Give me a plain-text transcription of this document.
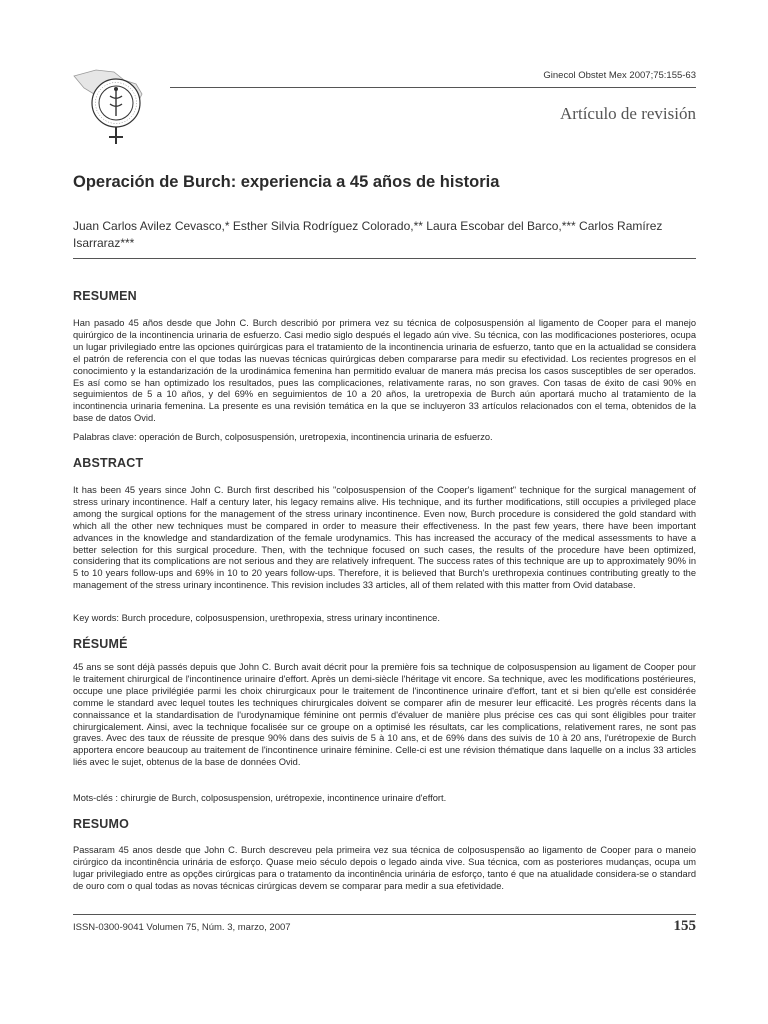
Ginecol Obstet Mex 2007;75:155-63
Artículo de revisión
Operación de Burch: experiencia a 45 años de historia

Juan Carlos Avilez Cevasco,* Esther Silvia Rodríguez Colorado,** Laura Escobar del Barco,*** Carlos Ramírez Isarraraz***

RESUMEN

Han pasado 45 años desde que John C. Burch describió por primera vez su técnica de colposuspensión al ligamento de Cooper para el manejo quirúrgico de la incontinencia urinaria de esfuerzo. Casi medio siglo después el legado aún vive. Su técnica, con las modificaciones posteriores, ocupa un lugar privilegiado entre las opciones quirúrgicas para el tratamiento de la incontinencia urinaria de esfuerzo, tanto que en la actualidad se considera el patrón de referencia con el que todas las nuevas técnicas quirúrgicas deben compararse para medir su efectividad. Los recientes progresos en el conocimiento y la estandarización de la urodinámica femenina han permitido evaluar de manera más precisa los casos susceptibles de ser operados. Es así como se han optimizado los resultados, pues las complicaciones, relativamente raras, no son graves. Con tasas de éxito de casi 90% en seguimientos de 5 a 10 años, y del 69% en seguimientos de 10 a 20 años, la uretropexia de Burch aún aportará mucho al tratamiento de la incontinencia urinaria femenina. La presente es una revisión temática en la que se incluyeron 33 artículos relacionados con el tema, obtenidos de la base de datos Ovid.

Palabras clave: operación de Burch, colposuspensión, uretropexia, incontinencia urinaria de esfuerzo.

ABSTRACT

It has been 45 years since John C. Burch first described his "colposuspension of the Cooper's ligament" technique for the surgical management of stress urinary incontinence. Half a century later, his legacy remains alive. His technique, and its further modifications, still occupies a privileged place among the surgical options for the management of the stress urinary incontinence. Even now, Burch procedure is considered the gold standard with which all the other new techniques must be compared in order to measure their effectiveness. In the past few years, there have been important advances in the knowledge and standardization of the female urodynamics. This has increased the accuracy of the medical assessments to have a better selection for this surgical procedure. Then, with the technique focused on such cases, the results of the procedure have been optimized, considering that its complications are not serious and they are relatively infrequent. The success rates of this technique are up to approximately 90% in 5 to 10 years follow-ups and 69% in 10 to 20 years follow-ups. Therefore, it is believed that Burch's urethropexia continues contributing greatly to the management of the stress urinary incontinence. This revision includes 33 articles, all of them related with this matter from Ovid database.

Key words: Burch procedure, colposuspension, urethropexia, stress urinary incontinence.

RÉSUMÉ

45 ans se sont déjà passés depuis que John C. Burch avait décrit pour la première fois sa technique de colposuspension au ligament de Cooper pour le traitement chirurgical de l'incontinence urinaire d'effort. Après un demi-siècle l'héritage vit encore. Sa technique, avec les modifications postérieures, occupe une place privilégiée parmi les choix chirurgicaux pour le traitement de l'incontinence urinaire d'effort, tant et si bien qu'elle est considérée comme le standard avec lequel toutes les techniques chirurgicales doivent se comparer afin de mesurer leur efficacité. Les progrès récents dans la connaissance et la standardisation de l'urodynamique féminine ont permis d'évaluer de manière plus précise ces cas qui sont éligibles pour traiter chirurgicalement. Ainsi, avec la technique focalisée sur ce groupe on a optimisé les résultats, car les complications, relativement rares, ne sont pas graves. Avec des taux de réussite de presque 90% dans des suivis de 5 à 10 ans, et de 69% dans des suivis de 10 à 20 ans, l'urétropexie de Burch apportera encore beaucoup au traitement de l'incontinence urinaire féminine. Celle-ci est une révision thématique dans laquelle on a inclus 33 articles liés avec le sujet, obtenus de la base de données Ovid.

Mots-clés : chirurgie de Burch, colposuspension, urétropexie, incontinence urinaire d'effort.

RESUMO

Passaram 45 anos desde que John C. Burch descreveu pela primeira vez sua técnica de colposuspensão ao ligamento de Cooper para o maneio cirúrgico da incontinência urinária de esforço. Quase meio século depois o legado ainda vive. Sua técnica, com as posteriores mudanças, ocupa um lugar privilegiado entre as opções cirúrgicas para o tratamento da incontinência urinária de esforço, tanto é que na atualidade considera-se o standard de ouro com o qual todas as novas técnicas cirúrgicas devem se comparar para medir a sua efetividade.

ISSN-0300-9041 Volumen 75, Núm. 3, marzo, 2007	155
